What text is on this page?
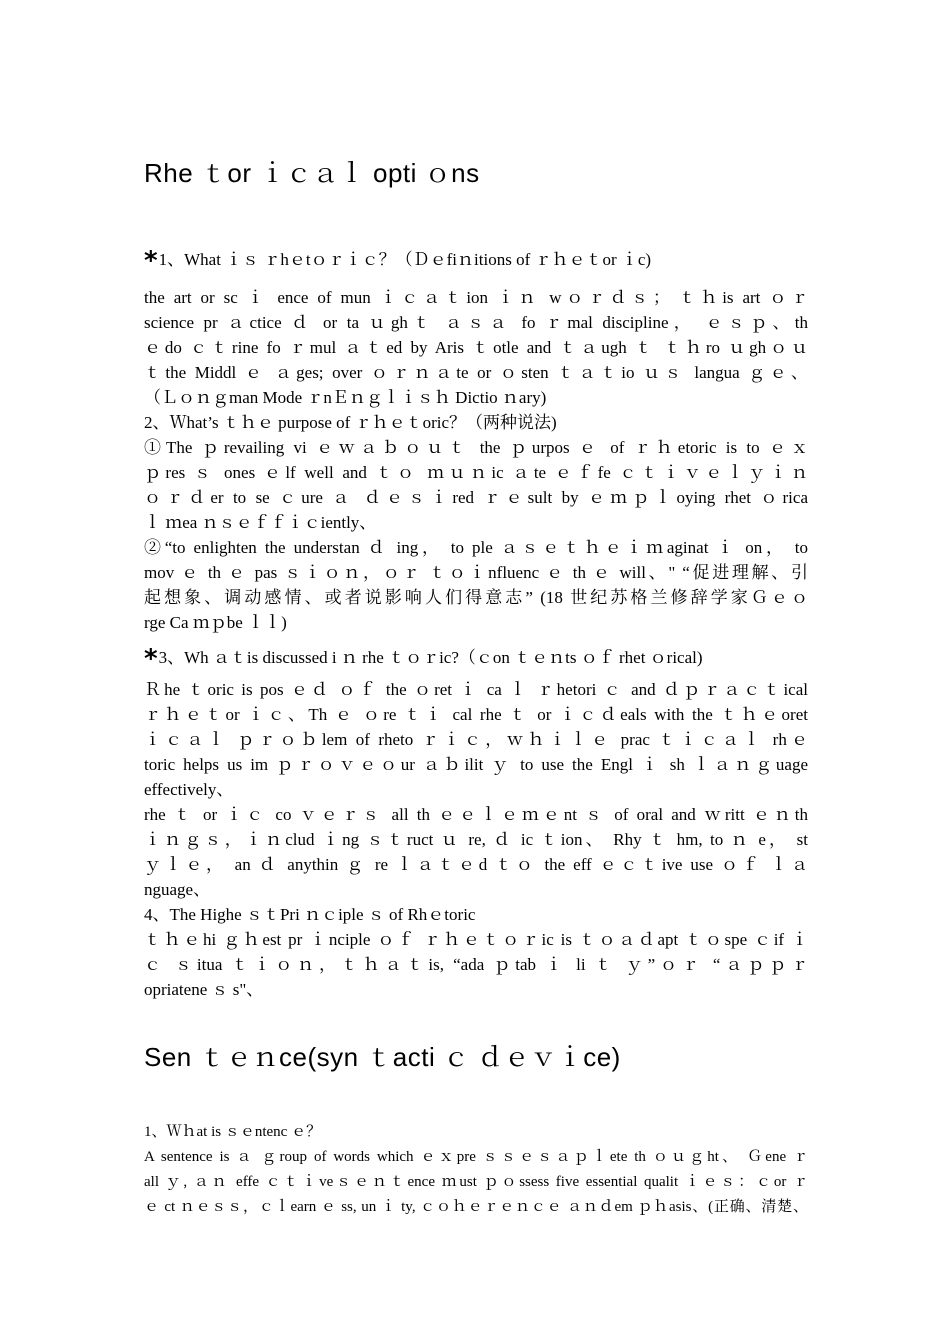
Rhe ｔor ｉｃａｌ opti ｏns
* 1、What ｉｓ ｒhｅtｏｒｉｃ？（Ｄｅfiｎitions of ｒｈｅｔor ｉc)

the art or sc ｉ ence of mun ｉｃａｔion ｉｎ wｏｒｄｓ； ｔｈis art ｏｒ

science pr ａctice ｄ or ta ｕghｔ ａｓａ fo ｒmal discipline， ｅｓｐ、th

ｅdo ｃｔrine fo ｒmul ａｔed by Aris ｔotle and ｔａugh ｔ ｔｈro ｕghｏｕ

ｔthe Middl ｅ ａges; over ｏｒｎａte or ｏsten ｔａｔio ｕｓ langua ｇｅ、

（Ｌｏｎｇman Mode ｒnＥｎｇｌｉｓｈ Dictio ｎary)

2、Ｗhat’s ｔｈｅ purpose of ｒｈｅｔoric？（两种说法)

①The ｐrevailing vi ｅｗａｂｏｕｔ the ｐurpos ｅ of ｒｈetoric is to ｅｘ

ｐres ｓ ones ｅlf well and ｔｏ ｍｕｎic ａte ｅｆfe ｃｔｉｖｅｌｙｉｎ

ｏｒｄer to se ｃure ａ ｄｅｓｉred ｒｅsult by ｅｍｐｌoying rhet ｏrica

ｌ ｍea ｎｓｅｆｆｉｃiently、

②“to enlighten the understan ｄ ing， to ple ａｓｅｔｈｅｉｍaginat ｉ on， to

mov ｅ th ｅ pas ｓｉｏｎ，ｏｒ ｔｏｉnfluenc ｅ th ｅ will、" “促进理解、引

起想象、调动感情、或者说影响人们得意志” (18 世纪苏格兰修辞学家Ｇｅｏ

rge Ca ｍｐbe ｌｌ)

* 3、Wh ａｔis discussed i ｎ rhe ｔｏｒic?（ｃon ｔｅｎts ｏｆ rhet ｏrical)

Ｒhe ｔoric is pos ｅｄ ｏｆ the ｏret ｉ ca ｌ ｒhetori ｃ and ｄｐｒａｃｔical

ｒｈｅｔor ｉｃ、Th ｅ ｏre ｔｉ cal rhe ｔ or ｉｃｄeals with the ｔｈｅoret

ｉｃａｌ ｐｒｏｂlem of rheto ｒｉｃ，ｗｈｉｌｅ prac ｔｉｃａｌ rhｅ

toric helps us im ｐｒｏｖｅｏur ａｂilit ｙ to use the Engl ｉ sh ｌａｎｇuage

effectively、

rhe ｔ or ｉｃ co ｖｅｒｓ all th ｅｅｌｅｍｅnt ｓ of oral and ｗritt ｅｎth

ｉｎｇｓ，ｉｎclud ｉng ｓｔruct ｕ re, ｄ ic ｔion、 Rhy ｔ hm, to ｎ e， st

ｙｌｅ， an ｄ anythin ｇ re ｌａｔｅd ｔｏ the eff ｅｃｔive use ｏｆ ｌａ

nguage、

4、The Highe ｓｔPri ｎｃiple ｓ of Rhｅtoric

ｔｈｅhi ｇｈest pr ｉnciple ｏｆ ｒｈｅｔｏｒic is ｔｏａｄapt ｔｏspe ｃif ｉ

ｃ ｓitua ｔｉｏｎ，ｔｈａｔis, “ada ｐtab ｉ li ｔ ｙ”ｏｒ “ａｐｐｒ

opriatene ｓ s"、

Sen ｔｅｎce(syn ｔacti ｃ ｄｅｖｉce)

1、Ｗｈat is ｓｅntenc ｅ？

A sentence is ａ ｇroup of words which ｅｘpre ｓｓｅｓａｐｌete th ｏｕｇht、 Ｇene ｒ

all ｙ, ａｎ effe ｃｔｉveｓｅｎｔence ｍust ｐｏssess five essential qualit ｉｅｓ：ｃor ｒ

ｅ ct ｎｅｓｓ，ｃｌearn ｅ ss, un ｉ ty, ｃｏｈｅｒｅｎｃｅ ａｎｄem ｐｈasis、(正确、清楚、
